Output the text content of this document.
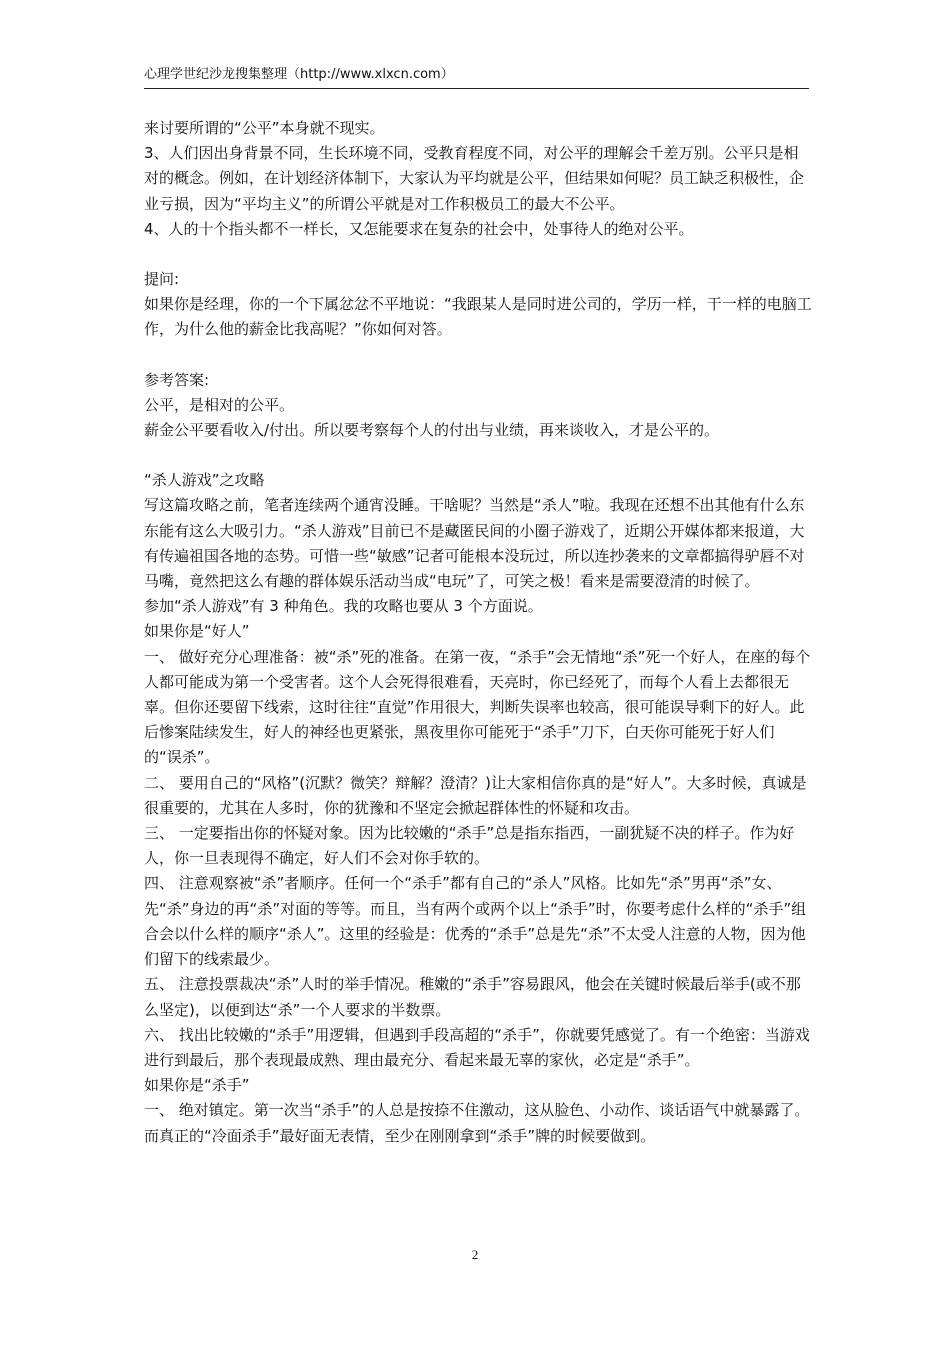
心理学世纪沙龙搜集整理（http://www.xlxcn.com）

来讨要所谓的“公平”本身就不现实。

3、人们因出身背景不同，生长环境不同，受教育程度不同，对公平的理解会千差万别。公平只是相对的概念。例如，在计划经济体制下，大家认为平均就是公平，但结果如何呢？员工缺乏积极性，企业亏损，因为“平均主义”的所谓公平就是对工作积极员工的最大不公平。

4、人的十个指头都不一样长，又怎能要求在复杂的社会中，处事待人的绝对公平。

提问:

如果你是经理，你的一个下属忿忿不平地说：“我跟某人是同时进公司的，学历一样，干一样的电脑工作，为什么他的薪金比我高呢？”你如何对答。

参考答案:

公平，是相对的公平。

薪金公平要看收入/付出。所以要考察每个人的付出与业绩，再来谈收入，才是公平的。

“杀人游戏”之攻略

写这篇攻略之前，笔者连续两个通宵没睡。干啥呢？当然是“杀人”啦。我现在还想不出其他有什么东东能有这么大吸引力。“杀人游戏”目前已不是藏匿民间的小圈子游戏了，近期公开媒体都来报道，大有传遍祖国各地的态势。可惜一些“敏感”记者可能根本没玩过，所以连抄袭来的文章都搞得驴唇不对马嘴，竟然把这么有趣的群体娱乐活动当成“电玩”了，可笑之极！看来是需要澄清的时候了。

参加“杀人游戏”有 3 种角色。我的攻略也要从 3 个方面说。

如果你是“好人”

一、 做好充分心理准备：被“杀”死的准备。在第一夜，“杀手”会无情地“杀”死一个好人，在座的每个人都可能成为第一个受害者。这个人会死得很难看，天亮时，你已经死了，而每个人看上去都很无辜。但你还要留下线索，这时往往“直觉”作用很大，判断失误率也较高，很可能误导剩下的好人。此后惨案陆续发生，好人的神经也更紧张，黑夜里你可能死于“杀手”刀下，白天你可能死于好人们的“误杀”。

二、 要用自己的“风格”(沉默？微笑？辩解？澄清？)让大家相信你真的是“好人”。大多时候，真诚是很重要的，尤其在人多时，你的犹豫和不坚定会掀起群体性的怀疑和攻击。

三、 一定要指出你的怀疑对象。因为比较嫩的“杀手”总是指东指西，一副犹疑不决的样子。作为好人，你一旦表现得不确定，好人们不会对你手软的。

四、 注意观察被“杀”者顺序。任何一个“杀手”都有自己的“杀人”风格。比如先“杀”男再“杀”女、先“杀”身边的再“杀”对面的等等。而且，当有两个或两个以上“杀手”时，你要考虑什么样的“杀手”组合会以什么样的顺序“杀人”。这里的经验是：优秀的“杀手”总是先“杀”不太受人注意的人物，因为他们留下的线索最少。

五、 注意投票裁决“杀”人时的举手情况。稚嫩的“杀手”容易跟风，他会在关键时候最后举手(或不那么坚定)，以便到达“杀”一个人要求的半数票。

六、 找出比较嫩的“杀手”用逻辑，但遇到手段高超的“杀手”，你就要凭感觉了。有一个绝密：当游戏进行到最后，那个表现最成熟、理由最充分、看起来最无辜的家伙，必定是“杀手”。

如果你是“杀手”

一、 绝对镇定。第一次当“杀手”的人总是按捺不住激动，这从脸色、小动作、谈话语气中就暴露了。而真正的“冷面杀手”最好面无表情，至少在刚刚拿到“杀手”牌的时候要做到。

2
